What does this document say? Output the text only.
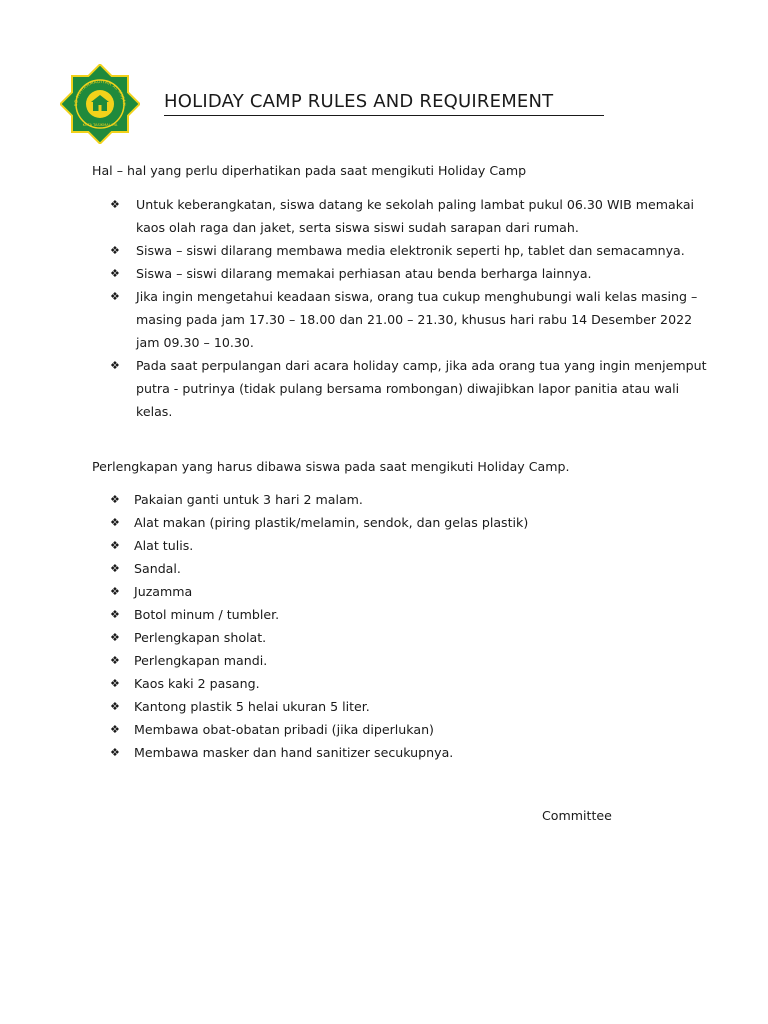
SD MUHAMMADIYAH AL MUJAH
KOTA TASIKMALAYA
HOLIDAY CAMP RULES AND REQUIREMENT
Hal – hal yang perlu diperhatikan pada saat mengikuti Holiday Camp
❖ Untuk keberangkatan, siswa datang ke sekolah paling lambat pukul 06.30 WIB memakai kaos olah raga dan jaket, serta siswa siswi sudah sarapan dari rumah.
❖ Siswa – siswi dilarang membawa media elektronik seperti hp, tablet dan semacamnya.
❖ Siswa – siswi dilarang memakai perhiasan atau benda berharga lainnya.
❖ Jika ingin mengetahui keadaan siswa, orang tua cukup menghubungi wali kelas masing – masing pada jam 17.30 – 18.00 dan 21.00 – 21.30, khusus hari rabu 14 Desember 2022 jam 09.30 – 10.30.
❖ Pada saat perpulangan dari acara holiday camp, jika ada orang tua yang ingin menjemput putra - putrinya (tidak pulang bersama rombongan) diwajibkan lapor panitia atau wali kelas.
Perlengkapan yang harus dibawa siswa pada saat mengikuti Holiday Camp.
❖ Pakaian ganti untuk 3 hari 2 malam.
❖ Alat makan (piring plastik/melamin, sendok, dan gelas plastik)
❖ Alat tulis.
❖ Sandal.
❖ Juzamma
❖ Botol minum / tumbler.
❖ Perlengkapan sholat.
❖ Perlengkapan mandi.
❖ Kaos kaki 2 pasang.
❖ Kantong plastik 5 helai ukuran 5 liter.
❖ Membawa obat-obatan pribadi (jika diperlukan)
❖ Membawa masker dan hand sanitizer secukupnya.
Committee
